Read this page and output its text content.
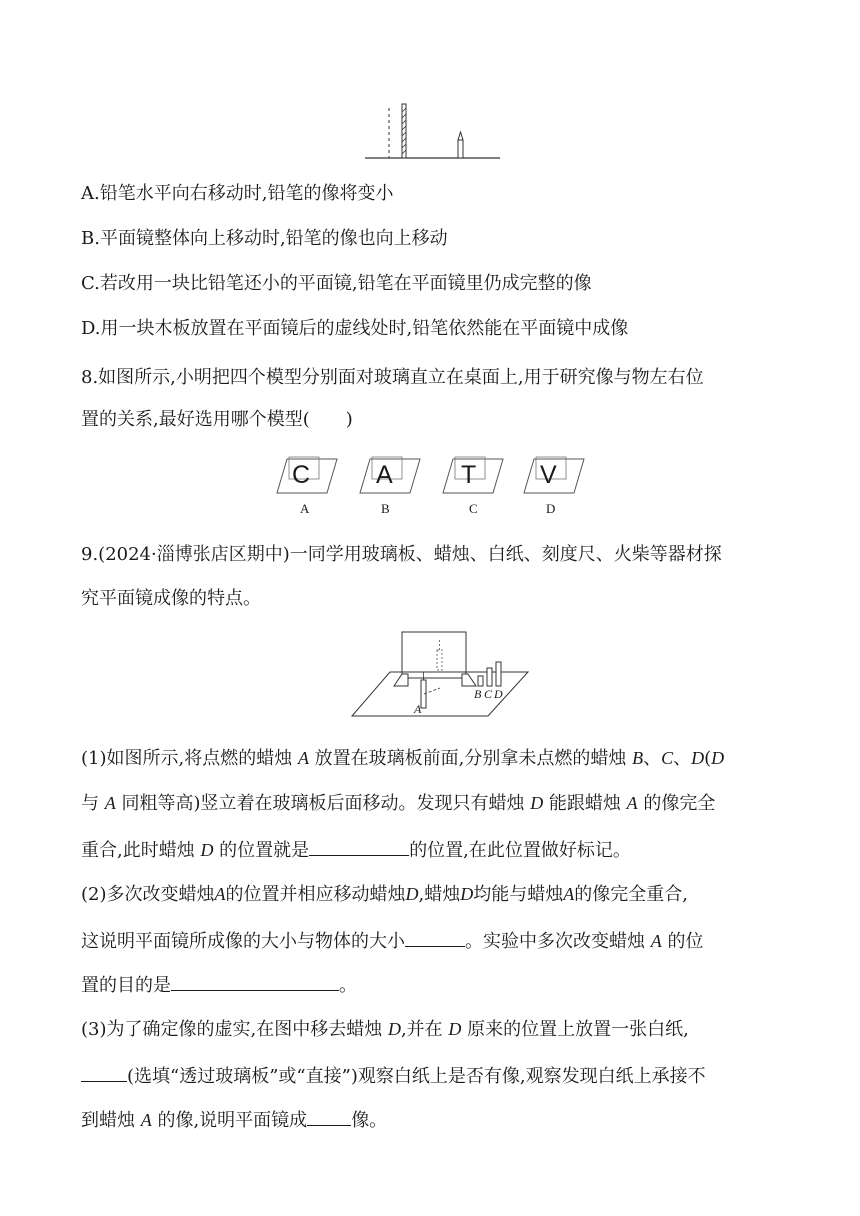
A.铅笔水平向右移动时,铅笔的像将变小
B.平面镜整体向上移动时,铅笔的像也向上移动
C.若改用一块比铅笔还小的平面镜,铅笔在平面镜里仍成完整的像
D.用一块木板放置在平面镜后的虚线处时,铅笔依然能在平面镜中成像
8.如图所示,小明把四个模型分别面对玻璃直立在桌面上,用于研究像与物左右位
置的关系,最好选用哪个模型(　　)
C
A
A
B
T
C
V
D
9.(2024·淄博张店区期中)一同学用玻璃板、蜡烛、白纸、刻度尺、火柴等器材探
究平面镜成像的特点。
A
B C D
(1)如图所示,将点燃的蜡烛 A 放置在玻璃板前面,分别拿未点燃的蜡烛 B、C、D(D
与 A 同粗等高)竖立着在玻璃板后面移动。发现只有蜡烛 D 能跟蜡烛 A 的像完全
重合,此时蜡烛 D 的位置就是	的位置,在此位置做好标记。
(2)多次改变蜡烛A的位置并相应移动蜡烛D,蜡烛D均能与蜡烛A的像完全重合,
这说明平面镜所成像的大小与物体的大小	。实验中多次改变蜡烛 A 的位
置的目的是	。
(3)为了确定像的虚实,在图中移去蜡烛 D,并在 D 原来的位置上放置一张白纸,
(选填“透过玻璃板”或“直接”)观察白纸上是否有像,观察发现白纸上承接不
到蜡烛 A 的像,说明平面镜成 像。
